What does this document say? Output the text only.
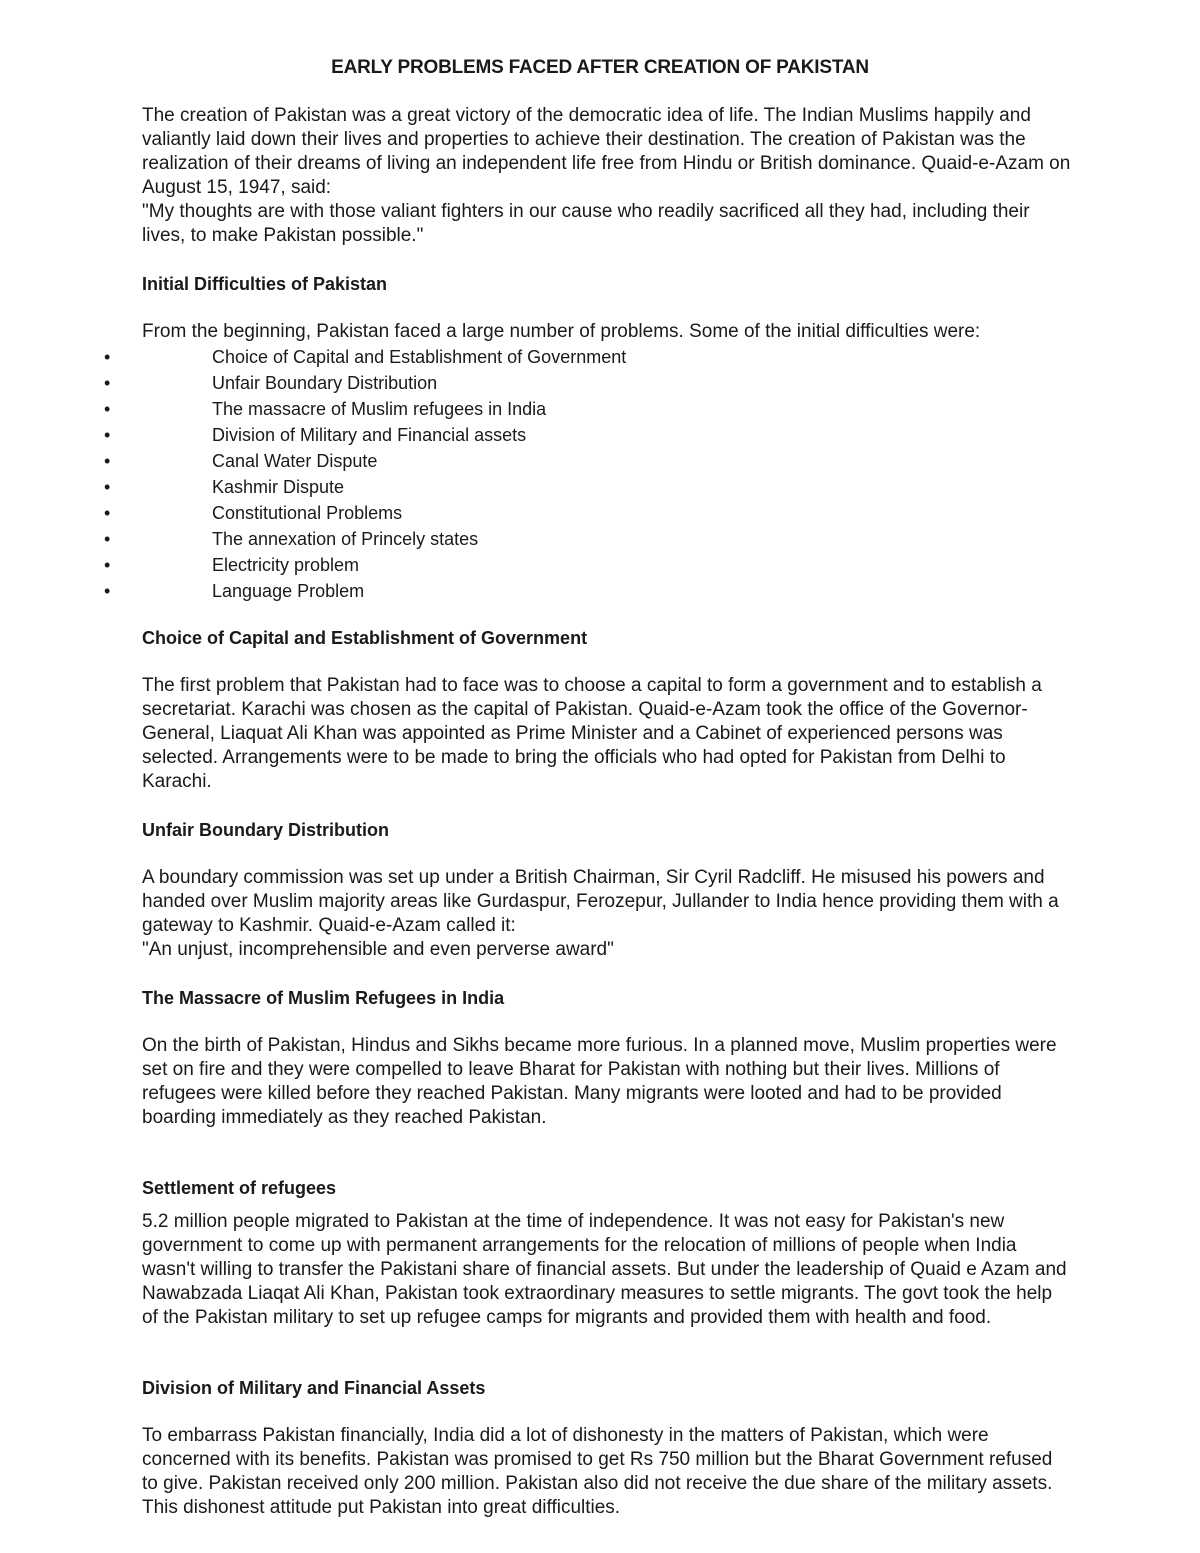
EARLY PROBLEMS FACED AFTER CREATION OF PAKISTAN

The creation of Pakistan was a great victory of the democratic idea of life. The Indian Muslims happily and valiantly laid down their lives and properties to achieve their destination. The creation of Pakistan was the realization of their dreams of living an independent life free from Hindu or British dominance. Quaid-e-Azam on August 15, 1947, said:

"My thoughts are with those valiant fighters in our cause who readily sacrificed all they had, including their lives, to make Pakistan possible."

Initial Difficulties of Pakistan

From the beginning, Pakistan faced a large number of problems. Some of the initial difficulties were:

•	Choice of Capital and Establishment of Government
•	Unfair Boundary Distribution
•	The massacre of Muslim refugees in India
•	Division of Military and Financial assets
•	Canal Water Dispute
•	Kashmir Dispute
•	Constitutional Problems
•	The annexation of Princely states
•	Electricity problem
•	Language Problem
Choice of Capital and Establishment of Government

The first problem that Pakistan had to face was to choose a capital to form a government and to establish a secretariat. Karachi was chosen as the capital of Pakistan. Quaid-e-Azam took the office of the Governor-General, Liaquat Ali Khan was appointed as Prime Minister and a Cabinet of experienced persons was selected. Arrangements were to be made to bring the officials who had opted for Pakistan from Delhi to Karachi.

Unfair Boundary Distribution

A boundary commission was set up under a British Chairman, Sir Cyril Radcliff. He misused his powers and handed over Muslim majority areas like Gurdaspur, Ferozepur, Jullander to India hence providing them with a gateway to Kashmir. Quaid-e-Azam called it:

"An unjust, incomprehensible and even perverse award"

The Massacre of Muslim Refugees in India

On the birth of Pakistan, Hindus and Sikhs became more furious. In a planned move, Muslim properties were set on fire and they were compelled to leave Bharat for Pakistan with nothing but their lives. Millions of refugees were killed before they reached Pakistan. Many migrants were looted and had to be provided boarding immediately as they reached Pakistan.

Settlement of refugees

5.2 million people migrated to Pakistan at the time of independence. It was not easy for Pakistan's new government to come up with permanent arrangements for the relocation of millions of people when India wasn't willing to transfer the Pakistani share of financial assets. But under the leadership of Quaid e Azam and Nawabzada Liaqat Ali Khan, Pakistan took extraordinary measures to settle migrants. The govt took the help of the Pakistan military to set up refugee camps for migrants and provided them with health and food.

Division of Military and Financial Assets

To embarrass Pakistan financially, India did a lot of dishonesty in the matters of Pakistan, which were concerned with its benefits. Pakistan was promised to get Rs 750 million but the Bharat Government refused to give. Pakistan received only 200 million. Pakistan also did not receive the due share of the military assets. This dishonest attitude put Pakistan into great difficulties.
